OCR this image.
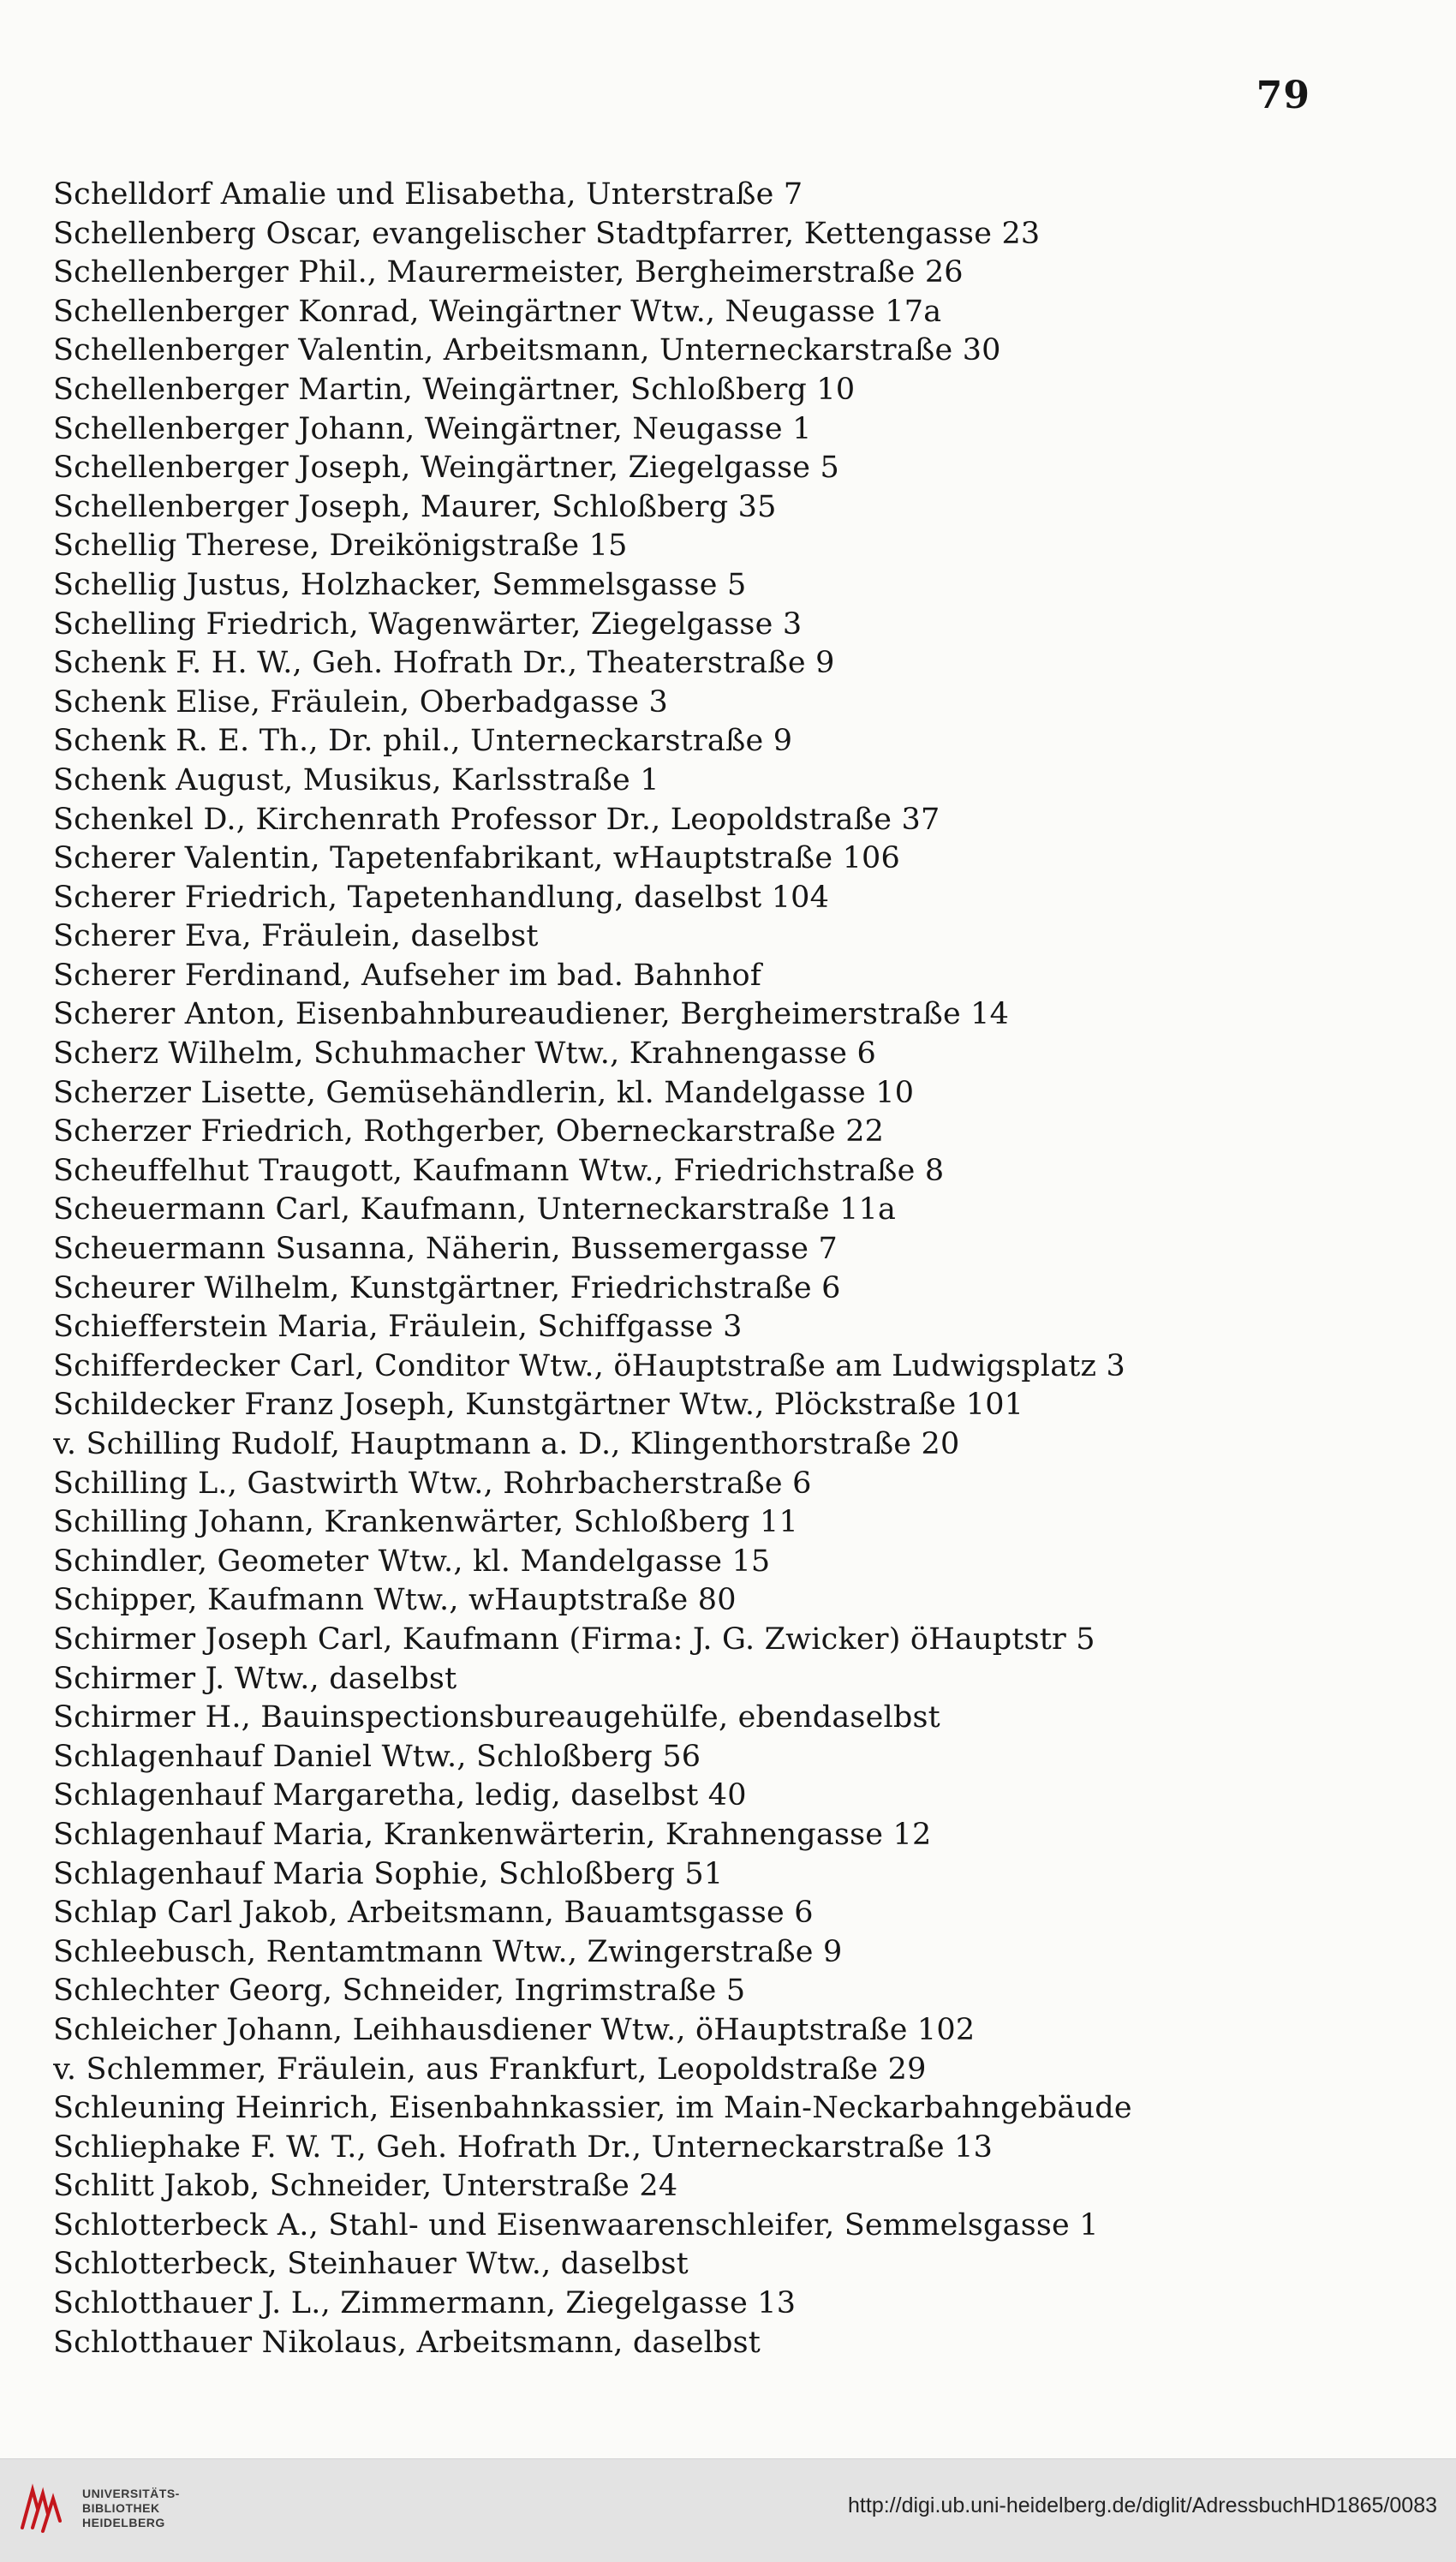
79
Schelldorf Amalie und Elisabetha, Unterstraße 7
Schellenberg Oscar, evangelischer Stadtpfarrer, Kettengasse 23
Schellenberger Phil., Maurermeister, Bergheimerstraße 26
Schellenberger Konrad, Weingärtner Wtw., Neugasse 17a
Schellenberger Valentin, Arbeitsmann, Unterneckarstraße 30
Schellenberger Martin, Weingärtner, Schloßberg 10
Schellenberger Johann, Weingärtner, Neugasse 1
Schellenberger Joseph, Weingärtner, Ziegelgasse 5
Schellenberger Joseph, Maurer, Schloßberg 35
Schellig Therese, Dreikönigstraße 15
Schellig Justus, Holzhacker, Semmelsgasse 5
Schelling Friedrich, Wagenwärter, Ziegelgasse 3
Schenk F. H. W., Geh. Hofrath Dr., Theaterstraße 9
Schenk Elise, Fräulein, Oberbadgasse 3
Schenk R. E. Th., Dr. phil., Unterneckarstraße 9
Schenk August, Musikus, Karlsstraße 1
Schenkel D., Kirchenrath Professor Dr., Leopoldstraße 37
Scherer Valentin, Tapetenfabrikant, wHauptstraße 106
Scherer Friedrich, Tapetenhandlung, daselbst 104
Scherer Eva, Fräulein, daselbst
Scherer Ferdinand, Aufseher im bad. Bahnhof
Scherer Anton, Eisenbahnbureaudiener, Bergheimerstraße 14
Scherz Wilhelm, Schuhmacher Wtw., Krahnengasse 6
Scherzer Lisette, Gemüsehändlerin, kl. Mandelgasse 10
Scherzer Friedrich, Rothgerber, Oberneckarstraße 22
Scheuffelhut Traugott, Kaufmann Wtw., Friedrichstraße 8
Scheuermann Carl, Kaufmann, Unterneckarstraße 11a
Scheuermann Susanna, Näherin, Bussemergasse 7
Scheurer Wilhelm, Kunstgärtner, Friedrichstraße 6
Schiefferstein Maria, Fräulein, Schiffgasse 3
Schifferdecker Carl, Conditor Wtw., öHauptstraße am Ludwigsplatz 3
Schildecker Franz Joseph, Kunstgärtner Wtw., Plöckstraße 101
v. Schilling Rudolf, Hauptmann a. D., Klingenthorstraße 20
Schilling L., Gastwirth Wtw., Rohrbacherstraße 6
Schilling Johann, Krankenwärter, Schloßberg 11
Schindler, Geometer Wtw., kl. Mandelgasse 15
Schipper, Kaufmann Wtw., wHauptstraße 80
Schirmer Joseph Carl, Kaufmann (Firma: J. G. Zwicker) öHauptstr 5
Schirmer J. Wtw., daselbst
Schirmer H., Bauinspectionsbureaugehülfe, ebendaselbst
Schlagenhauf Daniel Wtw., Schloßberg 56
Schlagenhauf Margaretha, ledig, daselbst 40
Schlagenhauf Maria, Krankenwärterin, Krahnengasse 12
Schlagenhauf Maria Sophie, Schloßberg 51
Schlap Carl Jakob, Arbeitsmann, Bauamtsgasse 6
Schleebusch, Rentamtmann Wtw., Zwingerstraße 9
Schlechter Georg, Schneider, Ingrimstraße 5
Schleicher Johann, Leihhausdiener Wtw., öHauptstraße 102
v. Schlemmer, Fräulein, aus Frankfurt, Leopoldstraße 29
Schleuning Heinrich, Eisenbahnkassier, im Main-Neckarbahngebäude
Schliephake F. W. T., Geh. Hofrath Dr., Unterneckarstraße 13
Schlitt Jakob, Schneider, Unterstraße 24
Schlotterbeck A., Stahl- und Eisenwaarenschleifer, Semmelsgasse 1
Schlotterbeck, Steinhauer Wtw., daselbst
Schlotthauer J. L., Zimmermann, Ziegelgasse 13
Schlotthauer Nikolaus, Arbeitsmann, daselbst
UNIVERSITÄTS-
BIBLIOTHEK
HEIDELBERG
http://digi.ub.uni-heidelberg.de/diglit/AdressbuchHD1865/0083
